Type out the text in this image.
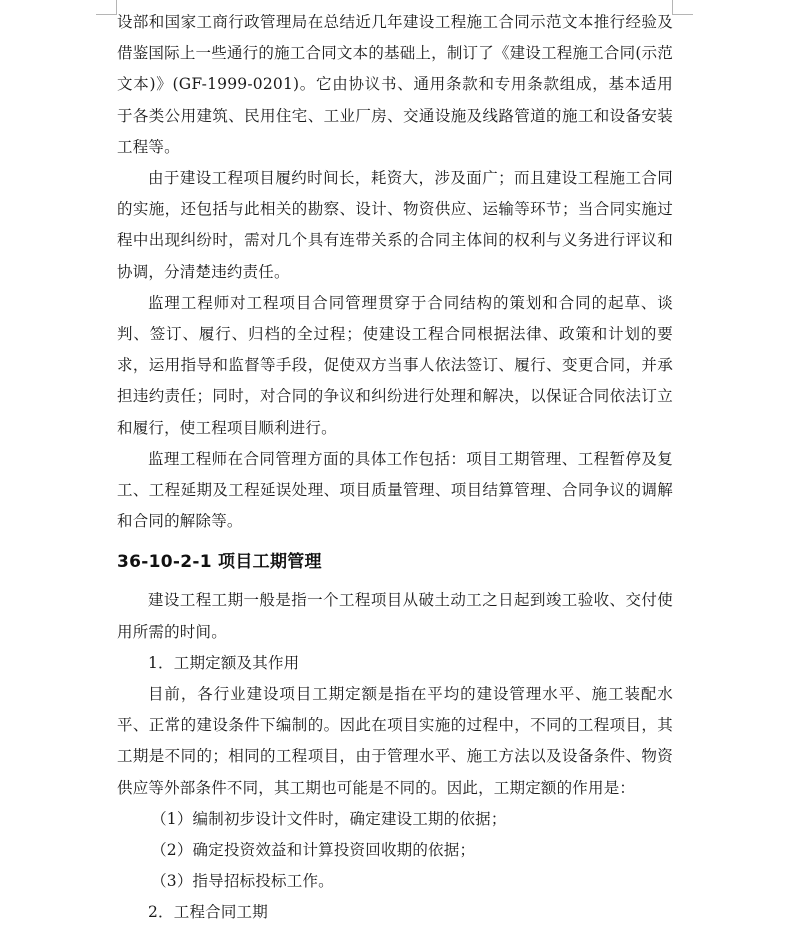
设部和国家工商行政管理局在总结近几年建设工程施工合同示范文本推行经验及借鉴国际上一些通行的施工合同文本的基础上，制订了《建设工程施工合同(示范文本)》(GF-1999-0201)。它由协议书、通用条款和专用条款组成，基本适用于各类公用建筑、民用住宅、工业厂房、交通设施及线路管道的施工和设备安装工程等。

由于建设工程项目履约时间长，耗资大，涉及面广；而且建设工程施工合同的实施，还包括与此相关的勘察、设计、物资供应、运输等环节；当合同实施过程中出现纠纷时，需对几个具有连带关系的合同主体间的权利与义务进行评议和协调，分清楚违约责任。

监理工程师对工程项目合同管理贯穿于合同结构的策划和合同的起草、谈判、签订、履行、归档的全过程；使建设工程合同根据法律、政策和计划的要求，运用指导和监督等手段，促使双方当事人依法签订、履行、变更合同，并承担违约责任；同时，对合同的争议和纠纷进行处理和解决，以保证合同依法订立和履行，使工程项目顺利进行。

监理工程师在合同管理方面的具体工作包括：项目工期管理、工程暂停及复工、工程延期及工程延误处理、项目质量管理、项目结算管理、合同争议的调解和合同的解除等。

36-10-2-1 项目工期管理

建设工程工期一般是指一个工程项目从破土动工之日起到竣工验收、交付使用所需的时间。

1．工期定额及其作用

目前，各行业建设项目工期定额是指在平均的建设管理水平、施工装配水平、正常的建设条件下编制的。因此在项目实施的过程中，不同的工程项目，其工期是不同的；相同的工程项目，由于管理水平、施工方法以及设备条件、物资供应等外部条件不同，其工期也可能是不同的。因此，工期定额的作用是：

（1）编制初步设计文件时，确定建设工期的依据；

（2）确定投资效益和计算投资回收期的依据；

（3）指导招标投标工作。

2．工程合同工期
